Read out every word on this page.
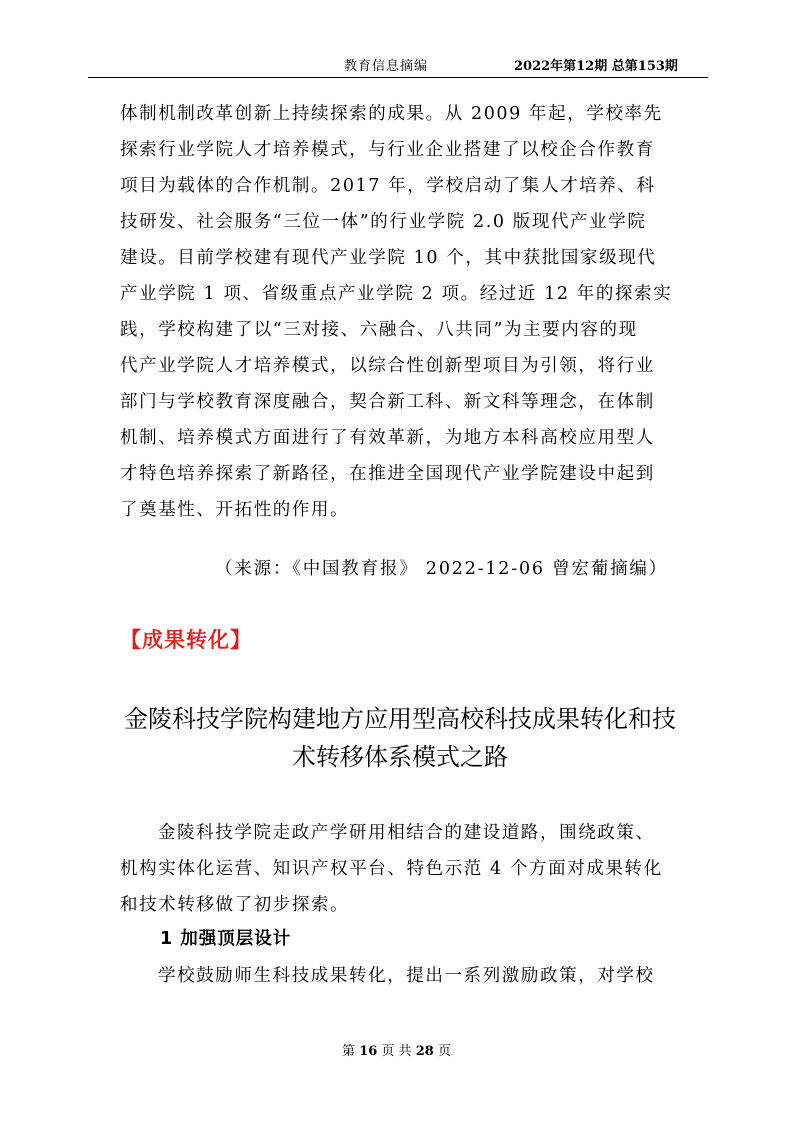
教育信息摘编	2022年第12期 总第153期

体制机制改革创新上持续探索的成果。从 2009 年起，学校率先
探索行业学院人才培养模式，与行业企业搭建了以校企合作教育
项目为载体的合作机制。2017 年，学校启动了集人才培养、科
技研发、社会服务“三位一体”的行业学院 2.0 版现代产业学院
建设。目前学校建有现代产业学院 10 个，其中获批国家级现代
产业学院 1 项、省级重点产业学院 2 项。经过近 12 年的探索实
践，学校构建了以“三对接、六融合、八共同”为主要内容的现
代产业学院人才培养模式，以综合性创新型项目为引领，将行业
部门与学校教育深度融合，契合新工科、新文科等理念，在体制
机制、培养模式方面进行了有效革新，为地方本科高校应用型人
才特色培养探索了新路径，在推进全国现代产业学院建设中起到
了奠基性、开拓性的作用。

（来源：《中国教育报》 2022-12-06 曾宏葡摘编）
【成果转化】
金陵科技学院构建地方应用型高校科技成果转化和技
术转移体系模式之路

金陵科技学院走政产学研用相结合的建设道路，围绕政策、
机构实体化运营、知识产权平台、特色示范 4 个方面对成果转化
和技术转移做了初步探索。

1 加强顶层设计

学校鼓励师生科技成果转化，提出一系列激励政策，对学校

第 16 页 共 28 页
